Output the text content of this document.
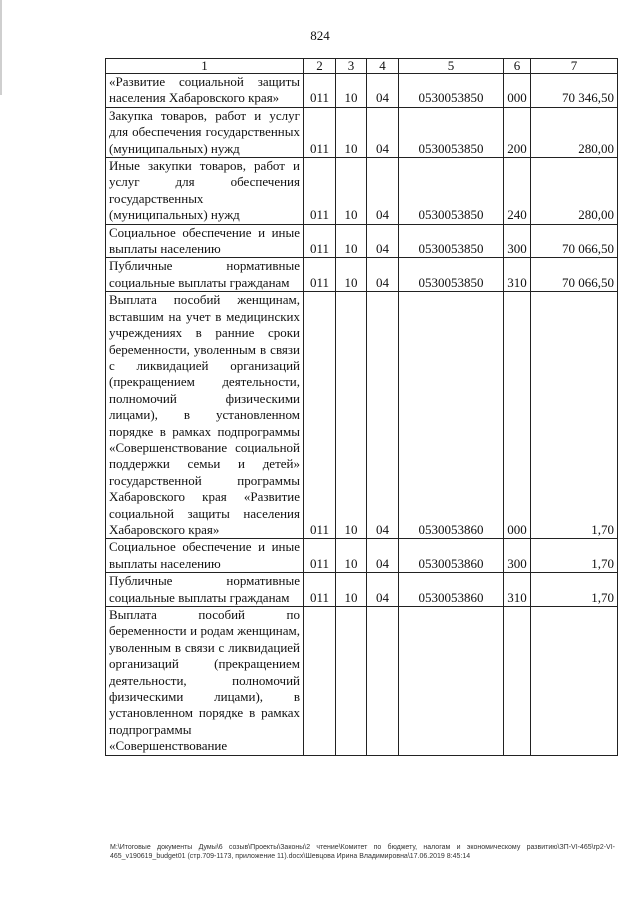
824
1	2	3	4	5	6	7
«Развитие социальной защиты населения Хабаровского края»	011	10	04	0530053850	000	70 346,50
Закупка товаров, работ и услуг для обеспечения государственных (муниципальных) нужд	011	10	04	0530053850	200	280,00
Иные закупки товаров, работ и услуг для обеспечения государственных (муниципальных) нужд	011	10	04	0530053850	240	280,00
Социальное обеспечение и иные выплаты населению	011	10	04	0530053850	300	70 066,50
Публичные нормативные социальные выплаты гражданам	011	10	04	0530053850	310	70 066,50
Выплата пособий женщинам, вставшим на учет в медицинских учреждениях в ранние сроки беременности, уволенным в связи с ликвидацией организаций (прекращением деятельности, полномочий физическими лицами), в установленном порядке в рамках подпрограммы «Совершенствование социальной поддержки семьи и детей» государственной программы Хабаровского края «Развитие социальной защиты населения Хабаровского края»	011	10	04	0530053860	000	1,70
Социальное обеспечение и иные выплаты населению	011	10	04	0530053860	300	1,70
Публичные нормативные социальные выплаты гражданам	011	10	04	0530053860	310	1,70
Выплата пособий по беременности и родам женщинам, уволенным в связи с ликвидацией организаций (прекращением деятельности, полномочий физическими лицами), в установленном порядке в рамках подпрограммы «Совершенствование						
M:\Итоговые документы Думы\6 созыв\Проекты\Законы\2 чтение\Комитет по бюджету, налогам и экономическому развитию\ЗП-VI-465\rp2-VI-465_v190619_budget01 (стр.709-1173, приложение 11).docx\Шевцова Ирина Владимировна\17.06.2019 8:45:14
